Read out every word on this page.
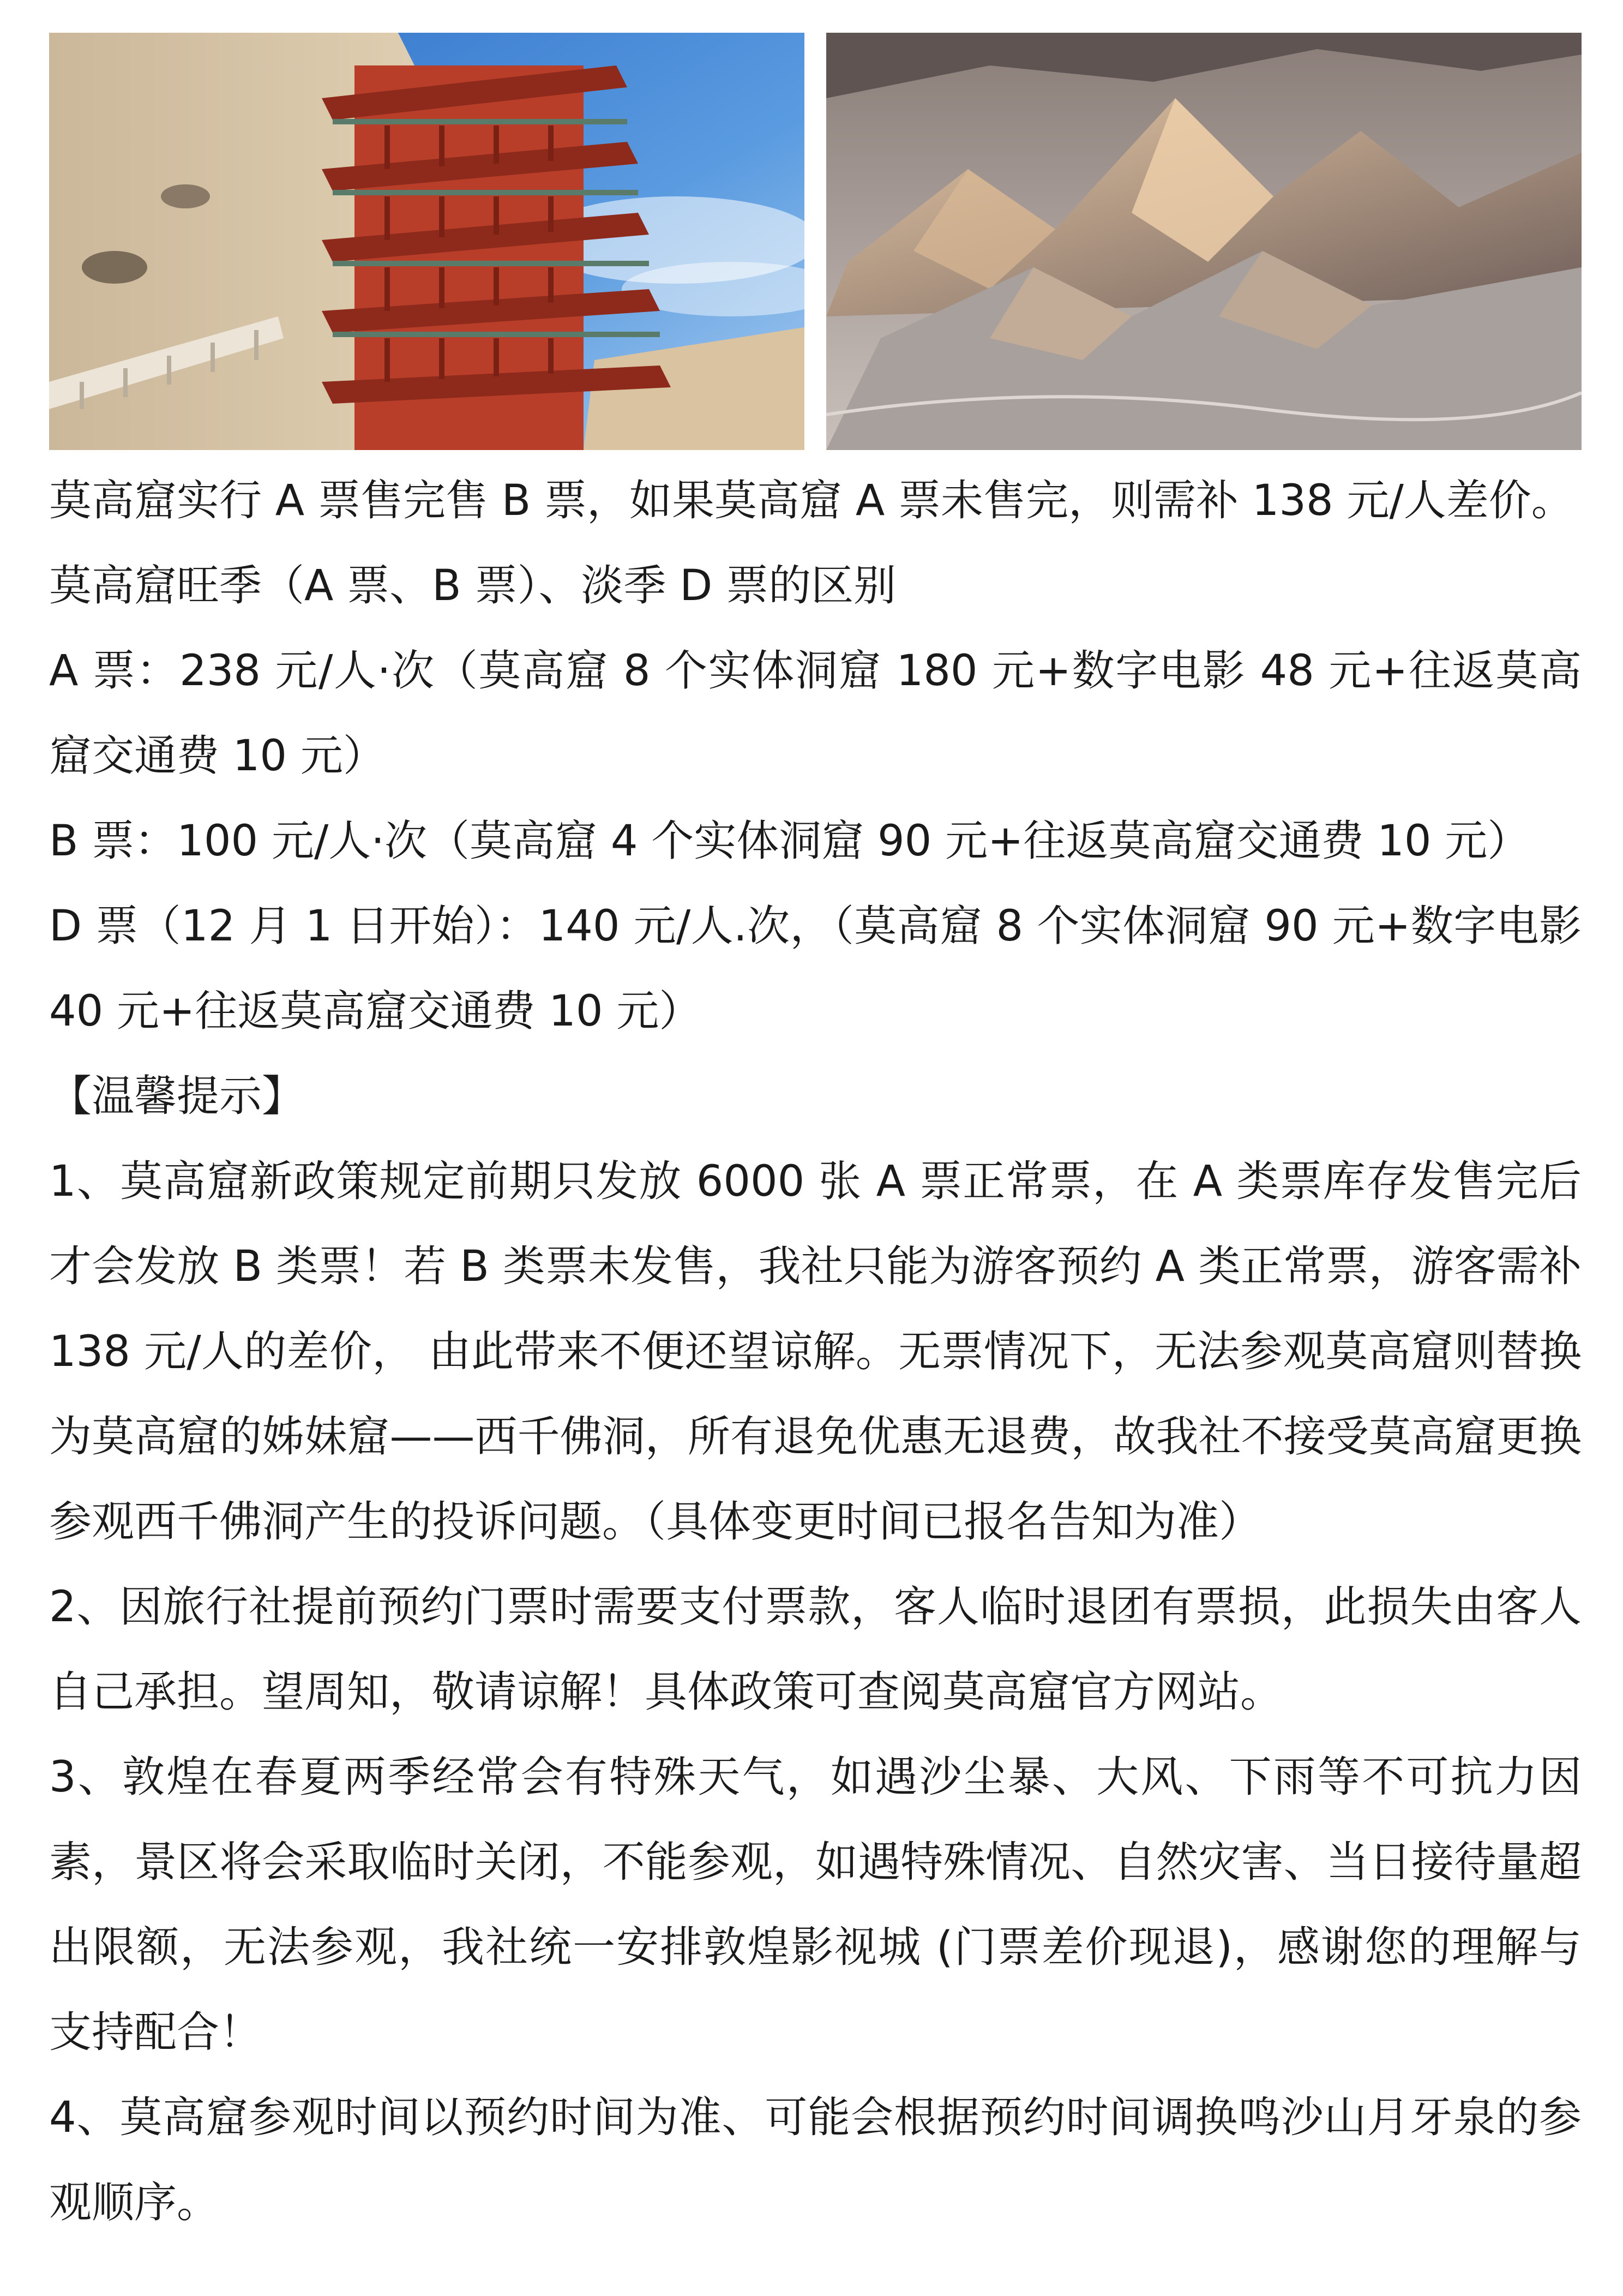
莫高窟实行 A 票售完售 B 票，如果莫高窟 A 票未售完，则需补 138 元/人差价。

莫高窟旺季（A 票、B 票）、淡季 D 票的区别

A 票：238 元/人·次（莫高窟 8 个实体洞窟 180 元+数字电影 48 元+往返莫高窟交通费 10 元）

B 票：100 元/人·次（莫高窟 4 个实体洞窟 90 元+往返莫高窟交通费 10 元）

D 票（12 月 1 日开始）：140 元/人.次，（莫高窟 8 个实体洞窟 90 元+数字电影 40 元+往返莫高窟交通费 10 元）

【温馨提示】

1、莫高窟新政策规定前期只发放 6000 张 A 票正常票，在 A 类票库存发售完后才会发放 B 类票！若 B 类票未发售，我社只能为游客预约 A 类正常票，游客需补 138 元/人的差价， 由此带来不便还望谅解。无票情况下，无法参观莫高窟则替换为莫高窟的姊妹窟——西千佛洞，所有退免优惠无退费，故我社不接受莫高窟更换参观西千佛洞产生的投诉问题。（具体变更时间已报名告知为准）

2、因旅行社提前预约门票时需要支付票款，客人临时退团有票损，此损失由客人自己承担。望周知，敬请谅解！具体政策可查阅莫高窟官方网站。

3、敦煌在春夏两季经常会有特殊天气，如遇沙尘暴、大风、下雨等不可抗力因素，景区将会采取临时关闭，不能参观，如遇特殊情况、自然灾害、当日接待量超出限额，无法参观，我社统一安排敦煌影视城 (门票差价现退)，感谢您的理解与支持配合！

4、莫高窟参观时间以预约时间为准、可能会根据预约时间调换鸣沙山月牙泉的参观顺序。
